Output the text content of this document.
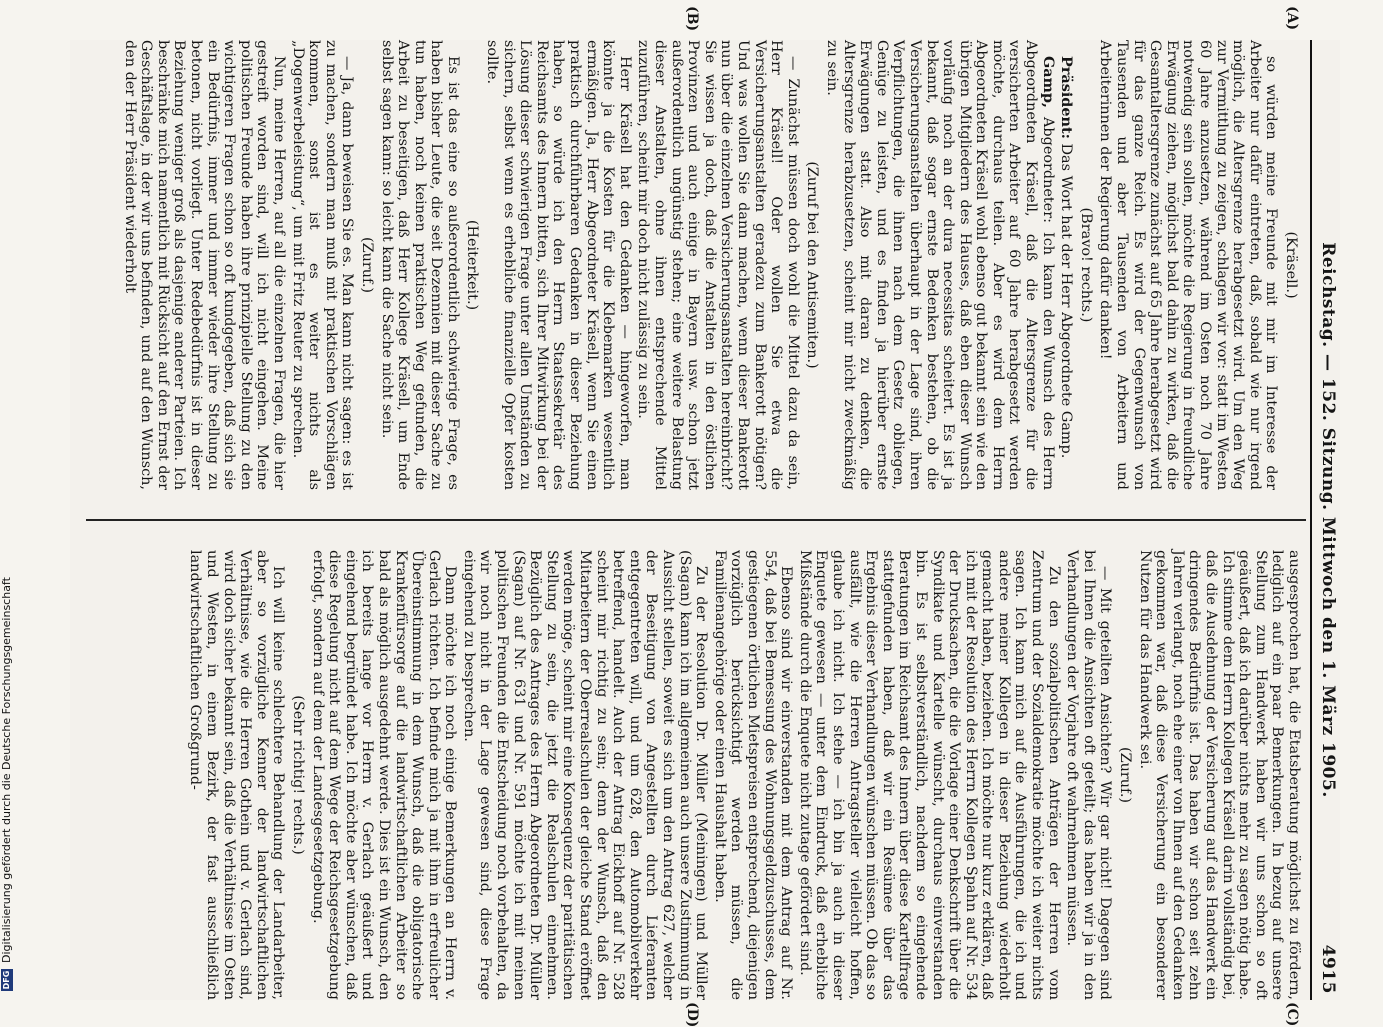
Reichstag. — 152. Sitzung. Mittwoch den 1. März 1905.
4915

(Kräsell.)

so würden meine Freunde mit mir im Interesse der Arbeiter nur dafür eintreten, daß, sobald wie nur irgend möglich, die Altersgrenze herabgesetzt wird. Um den Weg zur Vermittlung zu zeigen, schlagen wir vor: statt im Westen 60 Jahre anzusetzen, während im Osten noch 70 Jahre notwendig sein sollen, möchte die Regierung in freundliche Erwägung ziehen, möglichst bald dahin zu wirken, daß die Gesamtaltersgrenze zunächst auf 65 Jahre herabgesetzt wird für das ganze Reich. Es wird der Gegenwunsch von Tausenden und aber Tausenden von Arbeitern und Arbeiterinnen der Regierung dafür danken!

(Bravo! rechts.)

Präsident: Das Wort hat der Herr Abgeordnete Gamp.

Gamp, Abgeordneter: Ich kann den Wunsch des Herrn Abgeordneten Kräsell, daß die Altersgrenze für die versicherten Arbeiter auf 60 Jahre herabgesetzt werden möchte, durchaus teilen. Aber es wird dem Herrn Abgeordneten Kräsell wohl ebenso gut bekannt sein wie den übrigen Mitgliedern des Hauses, daß eben dieser Wunsch vorläufig noch an der dura necessitas scheitert. Es ist ja bekannt, daß sogar ernste Bedenken bestehen, ob die Versicherungsanstalten überhaupt in der Lage sind, ihren Verpflichtungen, die ihnen nach dem Gesetz obliegen, Genüge zu leisten, und es finden ja hierüber ernste Erwägungen statt. Also mit daran zu denken, die Altersgrenze herabzusetzen, scheint mir nicht zweckmäßig zu sein.

(Zuruf bei den Antisemiten.)

— Zunächst müssen doch wohl die Mittel dazu da sein, Herr Kräsell! Oder wollen Sie etwa die Versicherungsanstalten geradezu zum Bankerott nötigen? Und was wollen Sie dann machen, wenn dieser Bankerott nun über die einzelnen Versicherungsanstalten hereinbricht? Sie wissen ja doch, daß die Anstalten in den östlichen Provinzen und auch einige in Bayern usw. schon jetzt außerordentlich ungünstig stehen; eine weitere Belastung dieser Anstalten, ohne ihnen entsprechende Mittel zuzuführen, scheint mir doch nicht zulässig zu sein.

Herr Kräsell hat den Gedanken — hingeworfen, man könnte ja die Kosten für die Klebemarken wesentlich ermäßigen. Ja, Herr Abgeordneter Kräsell, wenn Sie einen praktisch durchführbaren Gedanken in dieser Beziehung haben, so würde ich den Herrn Staatssekretär des Reichsamts des Innern bitten, sich Ihrer Mitwirkung bei der Lösung dieser schwierigen Frage unter allen Umständen zu sichern, selbst wenn es erhebliche finanzielle Opfer kosten sollte.

(Heiterkeit.)

Es ist das eine so außerordentlich schwierige Frage, es haben bisher Leute, die seit Dezennien mit dieser Sache zu tun haben, noch keinen praktischen Weg gefunden, die Arbeit zu beseitigen, daß Herr Kollege Kräsell, um Ende selbst sagen kann: so leicht kann die Sache nicht sein.

(Zuruf.)

— Ja, dann beweisen Sie es. Man kann nicht sagen: es ist zu machen, sondern man muß mit praktischen Vorschlägen kommen, sonst ist es weiter nichts als „Dogenwerbeleistung“, um mit Fritz Reuter zu sprechen.

Nun, meine Herren, auf all die einzelnen Fragen, die hier gestreift worden sind, will ich nicht eingehen. Meine politischen Freunde haben ihre prinzipielle Stellung zu den wichtigeren Fragen schon so oft kundgegeben, daß sich sie ein Bedürfnis, immer und immer wieder ihre Stellung zu betonen, nicht vorliegt. Unter Redebedürfnis ist in dieser Beziehung weniger groß als dasjenige anderer Parteien. Ich beschränke mich namentlich mit Rücksicht auf den Ernst der Geschäftslage, in der wir uns befinden, und auf den Wunsch, den der Herr Präsident wiederholt

ausgesprochen hat, die Etatsberatung möglichst zu fördern, lediglich auf ein paar Bemerkungen. In bezug auf unsere Stellung zum Handwerk haben wir uns schon so oft geäußert, daß ich darüber nichts mehr zu sagen nötig habe. Ich stimme dem Herrn Kollegen Kräsell darin vollständig bei, daß die Ausdehnung der Versicherung auf das Handwerk ein dringendes Bedürfnis ist. Das haben wir schon seit zehn Jahren verlangt, noch ehe einer von Ihnen auf den Gedanken gekommen war, daß diese Versicherung ein besonderer Nutzen für das Handwerk sei.

(Zuruf.)

— Mit geteilten Ansichten? Wir gar nicht! Dagegen sind bei Ihnen die Ansichten oft geteilt; das haben wir ja in den Verhandlungen der Vorjahre oft wahrnehmen müssen.

Zu den sozialpolitischen Anträgen der Herren vom Zentrum und der Sozialdemokratie möchte ich weiter nichts sagen. Ich kann mich auf die Ausführungen, die ich und andere meiner Kollegen in dieser Beziehung wiederholt gemacht haben, beziehen. Ich möchte nur kurz erklären, daß ich mit der Resolution des Herrn Kollegen Spahn auf Nr. 534 der Drucksachen, die die Vorlage einer Denkschrift über die Syndikate und Kartelle wünscht, durchaus einverstanden bin. Es ist selbstverständlich, nachdem so eingehende Beratungen im Reichsamt des Innern über diese Kartellfrage stattgefunden haben, daß wir ein Resümee über das Ergebnis dieser Verhandlungen wünschen müssen. Ob das so ausfällt, wie die Herren Antragsteller vielleicht hoffen, glaube ich nicht. Ich stehe — ich bin ja auch in dieser Enquete gewesen — unter dem Eindruck, daß erhebliche Mißstände durch die Enquete nicht zutage gefördert sind.

Ebenso sind wir einverstanden mit dem Antrag auf Nr. 554, daß bei Bemessung des Wohnungsgeldzuschusses, dem gestiegenen örtlichen Mietspreisen entsprechend, diejenigen vorzüglich berücksichtigt werden müssen, die Familienangehörige oder einen Haushalt haben.

Zu der Resolution Dr. Müller (Meiningen) und Müller (Sagan) kann ich im allgemeinen auch unsere Zustimmung in Aussicht stellen, soweit es sich um den Antrag 627, welcher der Beseitigung von Angestellten durch Lieferanten entgegentreten will, und um 628, den Automobilverkehr betreffend, handelt. Auch der Antrag Eickhoff auf Nr. 528 scheint mir richtig zu sein; denn der Wunsch, daß den Mitarbeitern der Oberrealschulen der gleiche Stand eröffnet werden möge, scheint mir eine Konsequenz der paritätischen Stellung zu sein, die jetzt die Realschulen einnehmen. Bezüglich des Antrages des Herrn Abgeordneten Dr. Müller (Sagan) auf Nr. 631 und Nr. 591 möchte ich mit meinen politischen Freunden die Entscheidung noch vorbehalten, da wir noch nicht in der Lage gewesen sind, diese Frage eingehend zu besprechen.

Dann möchte ich noch einige Bemerkungen an Herrn v. Gerlach richten. Ich befinde mich ja mit ihm in erfreulicher Übereinstimmung in dem Wunsch, daß die obligatorische Krankenfürsorge auf die landwirtschaftlichen Arbeiter so bald als möglich ausgedehnt werde. Dies ist ein Wunsch, den ich bereits lange vor Herrn v. Gerlach geäußert und eingehend begründet habe. Ich möchte aber wünschen, daß diese Regelung nicht auf dem Wege der Reichsgesetzgebung erfolgt, sondern auf dem der Landesgesetzgebung.

(Sehr richtig! rechts.)

Ich will keine schlechtere Behandlung der Landarbeiter, aber so vorzügliche Kenner der landwirtschaftlichen Verhältnisse, wie die Herren Gothein und v. Gerlach sind, wird doch sicher bekannt sein, daß die Verhältnisse im Osten und Westen, in einem Bezirk, der fast ausschließlich landwirtschaftlichen Großgrund-

(A)
(B)
(C)
(D)
DFGDigitalisierung gefördert durch die Deutsche Forschungsgemeinschaft
